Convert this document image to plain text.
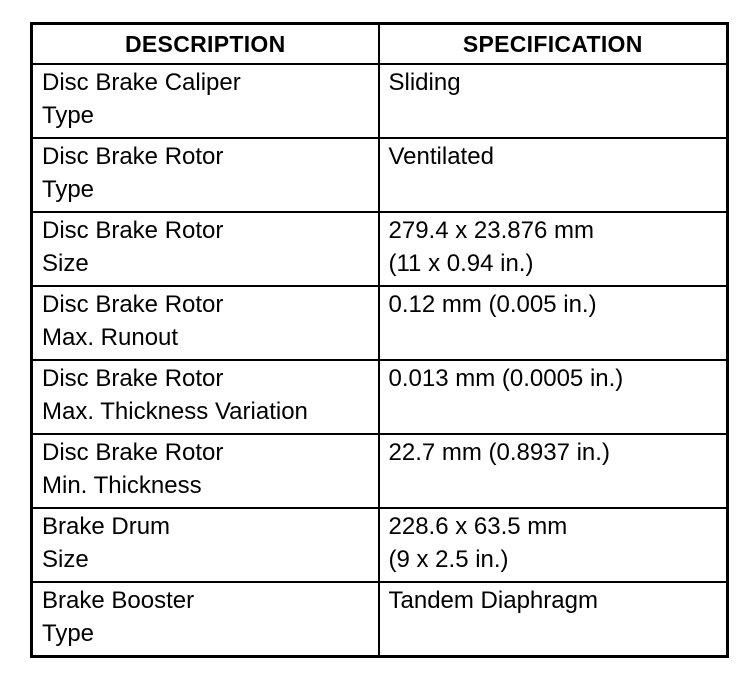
DESCRIPTION	SPECIFICATION

Disc Brake Caliper
Type	Sliding

Disc Brake Rotor
Type	Ventilated

Disc Brake Rotor
Size	279.4 x 23.876 mm
(11 x 0.94 in.)

Disc Brake Rotor
Max. Runout	0.12 mm (0.005 in.)

Disc Brake Rotor
Max. Thickness Variation	0.013 mm (0.0005 in.)

Disc Brake Rotor
Min. Thickness	22.7 mm (0.8937 in.)

Brake Drum
Size	228.6 x 63.5 mm
(9 x 2.5 in.)

Brake Booster
Type	Tandem Diaphragm
